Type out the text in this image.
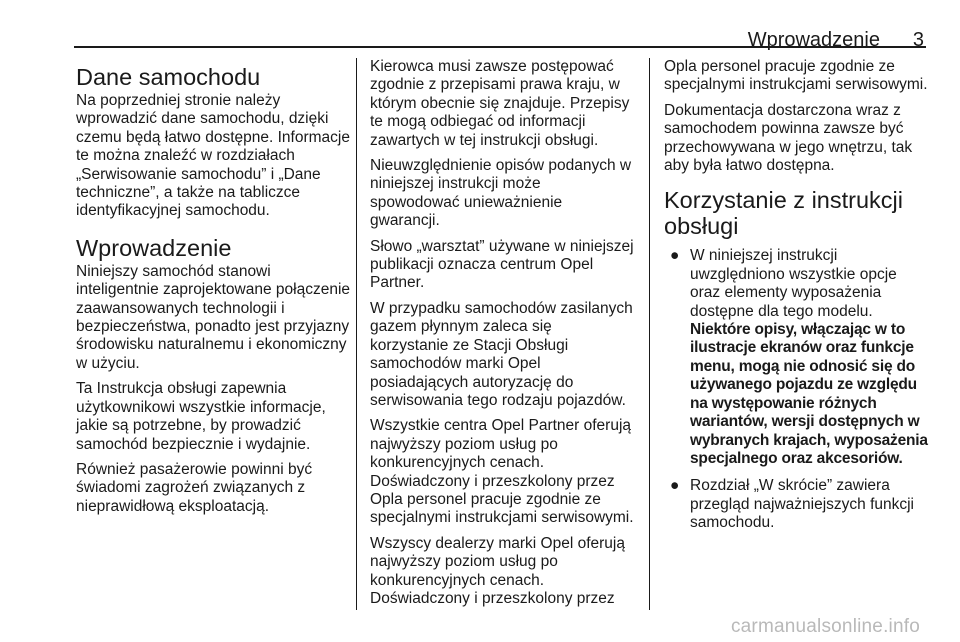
Wprowadzenie 3
Dane samochodu

Na poprzedniej stronie należy wprowadzić dane samochodu, dzięki czemu będą łatwo dostępne. Informacje te można znaleźć w rozdziałach „Serwisowanie samochodu” i „Dane techniczne”, a także na tabliczce identyfikacyjnej samochodu.

Wprowadzenie

Niniejszy samochód stanowi inteligentnie zaprojektowane połączenie zaawansowanych technologii i bezpieczeństwa, ponadto jest przyjazny środowisku naturalnemu i ekonomiczny w użyciu.

Ta Instrukcja obsługi zapewnia użytkownikowi wszystkie informacje, jakie są potrzebne, by prowadzić samochód bezpiecznie i wydajnie.

Również pasażerowie powinni być świadomi zagrożeń związanych z nieprawidłową eksploatacją.

Kierowca musi zawsze postępować zgodnie z przepisami prawa kraju, w którym obecnie się znajduje. Przepisy te mogą odbiegać od informacji zawartych w tej instrukcji obsługi.

Nieuwzględnienie opisów podanych w niniejszej instrukcji może spowodować unieważnienie gwarancji.

Słowo „warsztat” używane w niniejszej publikacji oznacza centrum Opel Partner.

W przypadku samochodów zasilanych gazem płynnym zaleca się korzystanie ze Stacji Obsługi samochodów marki Opel posiadających autoryzację do serwisowania tego rodzaju pojazdów.

Wszystkie centra Opel Partner oferują najwyższy poziom usług po konkurencyjnych cenach. Doświadczony i przeszkolony przez Opla personel pracuje zgodnie ze specjalnymi instrukcjami serwisowymi.

Wszyscy dealerzy marki Opel oferują najwyższy poziom usług po konkurencyjnych cenach. Doświadczony i przeszkolony przez

Opla personel pracuje zgodnie ze specjalnymi instrukcjami serwisowymi.

Dokumentacja dostarczona wraz z samochodem powinna zawsze być przechowywana w jego wnętrzu, tak aby była łatwo dostępna.

Korzystanie z instrukcji obsługi
● W niniejszej instrukcji uwzględniono wszystkie opcje oraz elementy wyposażenia dostępne dla tego modelu.
Niektóre opisy, włączając w to ilustracje ekranów oraz funkcje menu, mogą nie odnosić się do używanego pojazdu ze względu na występowanie różnych wariantów, wersji dostępnych w wybranych krajach, wyposażenia specjalnego oraz akcesoriów.
● Rozdział „W skrócie” zawiera przegląd najważniejszych funkcji samochodu.
carmanualsonline.info
